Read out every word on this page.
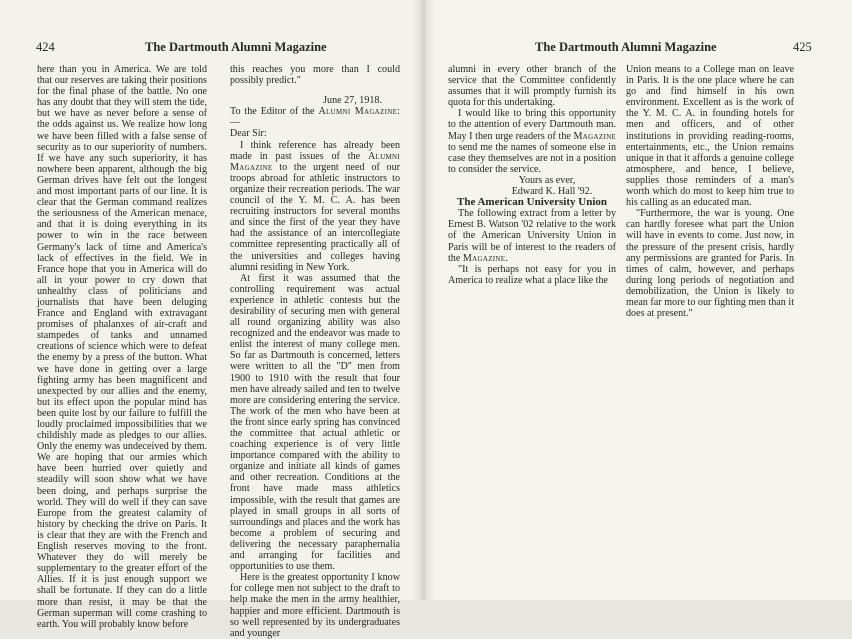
424	The Dartmouth Alumni Magazine

here than you in America. We are told that our reserves are taking their positions for the final phase of the battle. No one has any doubt that they will stem the tide, but we have as never before a sense of the odds against us. We realize how long we have been filled with a false sense of security as to our superiority of numbers. If we have any such superiority, it has nowhere been apparent, although the big German drives have felt out the longest and most important parts of our line. It is clear that the German command realizes the seriousness of the American menace, and that it is doing everything in its power to win in the race between Germany's lack of time and America's lack of effectives in the field. We in France hope that you in America will do all in your power to cry down that unhealthy class of politicians and journalists that have been deluging France and England with extravagant promises of phalanxes of air-craft and stampedes of tanks and unnamed creations of science which were to defeat the enemy by a press of the button. What we have done in getting over a large fighting army has been magnificent and unexpected by our allies and the enemy, but its effect upon the popular mind has been quite lost by our failure to fulfill the loudly proclaimed impossibilities that we childishly made as pledges to our allies. Only the enemy was undeceived by them. We are hoping that our armies which have been hurried over quietly and steadily will soon show what we have been doing, and perhaps surprise the world. They will do well if they can save Europe from the greatest calamity of history by checking the drive on Paris. It is clear that they are with the French and English reserves moving to the front. Whatever they do will merely be supplementary to the greater effort of the Allies. If it is just enough support we shall be fortunate. If they can do a little more than resist, it may be that the German superman will come crashing to earth. You will probably know before

this reaches you more than I could possibly predict."

June 27, 1918.

To the Editor of the Alumni Magazine:—

Dear Sir:

I think reference has already been made in past issues of the Alumni Magazine to the urgent need of our troops abroad for athletic instructors to organize their recreation periods. The war council of the Y. M. C. A. has been recruiting instructors for several months and since the first of the year they have had the assistance of an intercollegiate committee representing practically all of the universities and colleges having alumni residing in New York.

At first it was assumed that the controlling requirement was actual experience in athletic contests but the desirability of securing men with general all round organizing ability was also recognized and the endeavor was made to enlist the interest of many college men. So far as Dartmouth is concerned, letters were written to all the "D" men from 1900 to 1910 with the result that four men have already sailed and ten to twelve more are considering entering the service. The work of the men who have been at the front since early spring has convinced the committee that actual athletic or coaching experience is of very little importance compared with the ability to organize and initiate all kinds of games and other recreation. Conditions at the front have made mass athletics impossible, with the result that games are played in small groups in all sorts of surroundings and places and the work has become a problem of securing and delivering the necessary paraphernalia and arranging for facilities and opportunities to use them.

Here is the greatest opportunity I know for college men not subject to the draft to help make the men in the army healthier, happier and more efficient. Dartmouth is so well represented by its undergraduates and younger

The Dartmouth Alumni Magazine	425

alumni in every other branch of the service that the Committee confidently assumes that it will promptly furnish its quota for this undertaking.

I would like to bring this opportunity to the attention of every Dartmouth man. May I then urge readers of the Magazine to send me the names of someone else in case they themselves are not in a position to consider the service.

Yours as ever,

Edward K. Hall '92.

The American University Union

The following extract from a letter by Ernest B. Watson '02 relative to the work of the American University Union in Paris will be of interest to the readers of the Magazine.

"It is perhaps not easy for you in America to realize what a place like the

Union means to a College man on leave in Paris. It is the one place where he can go and find himself in his own environment. Excellent as is the work of the Y. M. C. A. in founding hotels for men and officers, and of other institutions in providing reading-rooms, entertainments, etc., the Union remains unique in that it affords a genuine college atmosphere, and hence, I believe, supplies those reminders of a man's worth which do most to keep him true to his calling as an educated man.

"Furthermore, the war is young. One can hardly foresee what part the Union will have in events to come. Just now, in the pressure of the present crisis, hardly any permissions are granted for Paris. In times of calm, however, and perhaps during long periods of negotiation and demobilization, the Union is likely to mean far more to our fighting men than it does at present."
